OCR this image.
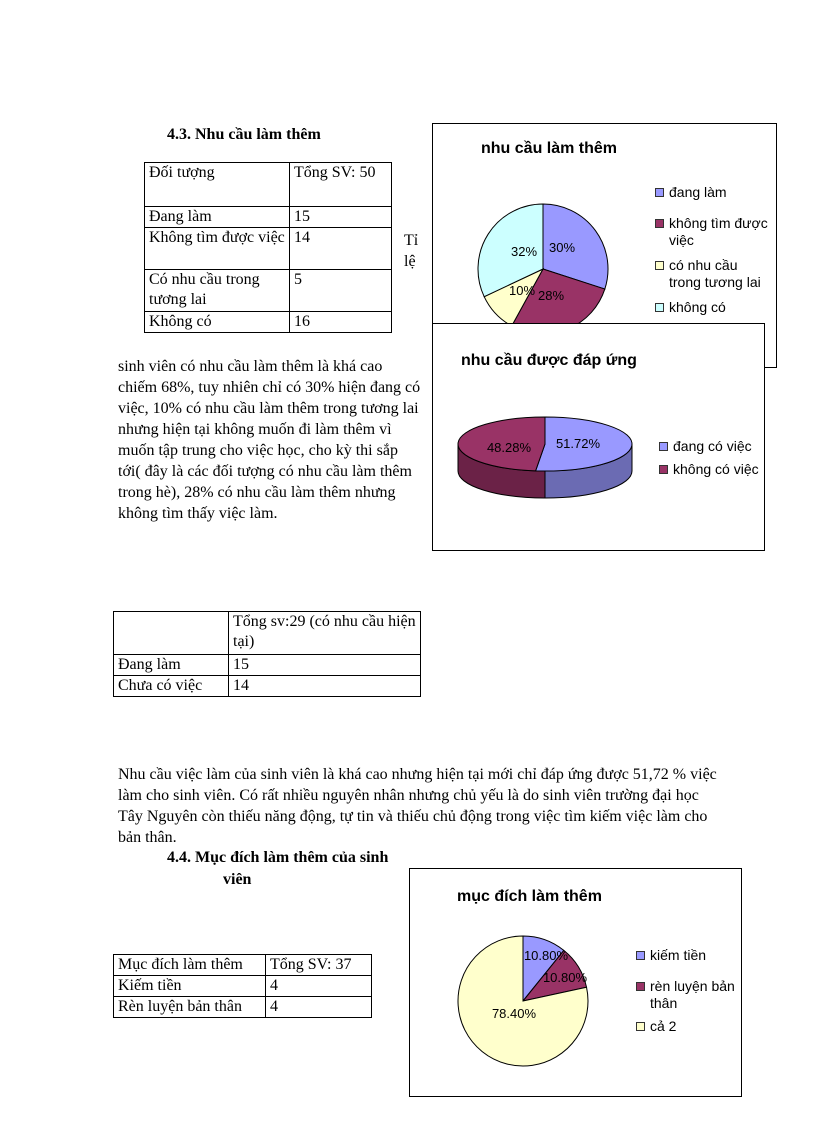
4.3. Nhu cầu làm thêm
Đối tượng	Tổng SV: 50
Đang làm	15
Không tìm được việc	14
Có nhu cầu trong tương lai	5
Không có	16
Tỉ lệ
sinh viên có nhu cầu làm thêm là khá cao chiếm 68%, tuy nhiên chỉ có 30% hiện đang có việc, 10% có nhu cầu làm thêm trong tương lai nhưng hiện tại không muốn đi làm thêm vì muốn tập trung cho việc học, cho kỳ thi sắp tới( đây là các đối tượng có nhu cầu làm thêm trong hè), 28% có nhu cầu làm thêm nhưng không tìm thấy việc làm.
nhu cầu làm thêm
30%
28%
10%
32%
đang làm
không tìm được việc
có nhu cầu trong tương lai
không có
nhu cầu được đáp ứng
51.72%
48.28%	đang có việc
không có việc
	Tổng sv:29 (có nhu cầu hiện tại)
Đang làm	15
Chưa có việc	14
Nhu cầu việc làm của sinh viên là khá cao nhưng hiện tại mới chỉ đáp ứng được 51,72 % việc làm cho sinh viên. Có rất nhiều nguyên nhân nhưng chủ yếu là do sinh viên trường đại học Tây Nguyên còn thiếu năng động, tự tin và thiếu chủ động trong việc tìm kiếm việc làm cho bản thân.
4.4. Mục đích làm thêm của sinh
viên
Mục đích làm thêm	Tổng SV: 37
Kiếm tiền	4
Rèn luyện bản thân	4
mục đích làm thêm
10.80%
10.80%
78.40%
kiếm tiền
rèn luyện bản thân
cả 2
